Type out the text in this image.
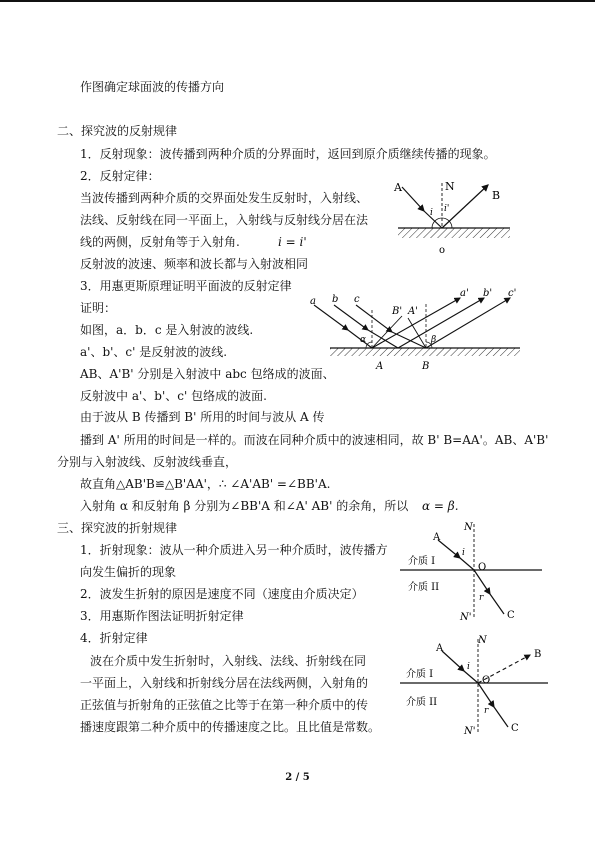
作图确定球面波的传播方向
二、探究波的反射规律
1．反射现象：波传播到两种介质的分界面时，返回到原介质继续传播的现象。
2．反射定律：
当波传播到两种介质的交界面处发生反射时，入射线、
法线、反射线在同一平面上，入射线与反射线分居在法
线的两侧，反射角等于入射角.	i = i'
反射波的波速、频率和波长都与入射波相同
3．用惠更斯原理证明平面波的反射定律
证明：
如图，a．b．c 是入射波的波线.
a'、b'、c' 是反射波的波线.
AB、A'B' 分别是入射波中 abc 包络成的波面、
反射波中 a'、b'、c' 包络成的波面.
由于波从 B 传播到 B' 所用的时间与波从 A 传
播到 A' 所用的时间是一样的。而波在同种介质中的波速相同，故 B' B=AA'。AB、A'B'
分别与入射波线、反射波线垂直，
故直角△AB'B≌△B'AA'，∴ ∠A'AB' =∠BB'A.
入射角 α 和反射角 β 分别为∠BB'A 和∠A' AB' 的余角，所以 α = β.
三、探究波的折射规律
1．折射现象：波从一种介质进入另一种介质时，波传播方
向发生偏折的现象
2．波发生折射的原因是速度不同（速度由介质决定）
3．用惠斯作图法证明折射定律
4．折射定律
波在介质中发生折射时，入射线、法线、折射线在同
一平面上，入射线和折射线分居在法线两侧，入射角的
正弦值与折射角的正弦值之比等于在第一种介质中的传
播速度跟第二种介质中的传播速度之比。且比值是常数。
A	N
B
i i'
o
a b c
a' b' c'
B' A'
α	β
A	B
N
A
i
介质 I
O
介质 II
r
C
N'
N
A
B
i
介质 I
O
介质 II
r
C
N'
2 / 5
